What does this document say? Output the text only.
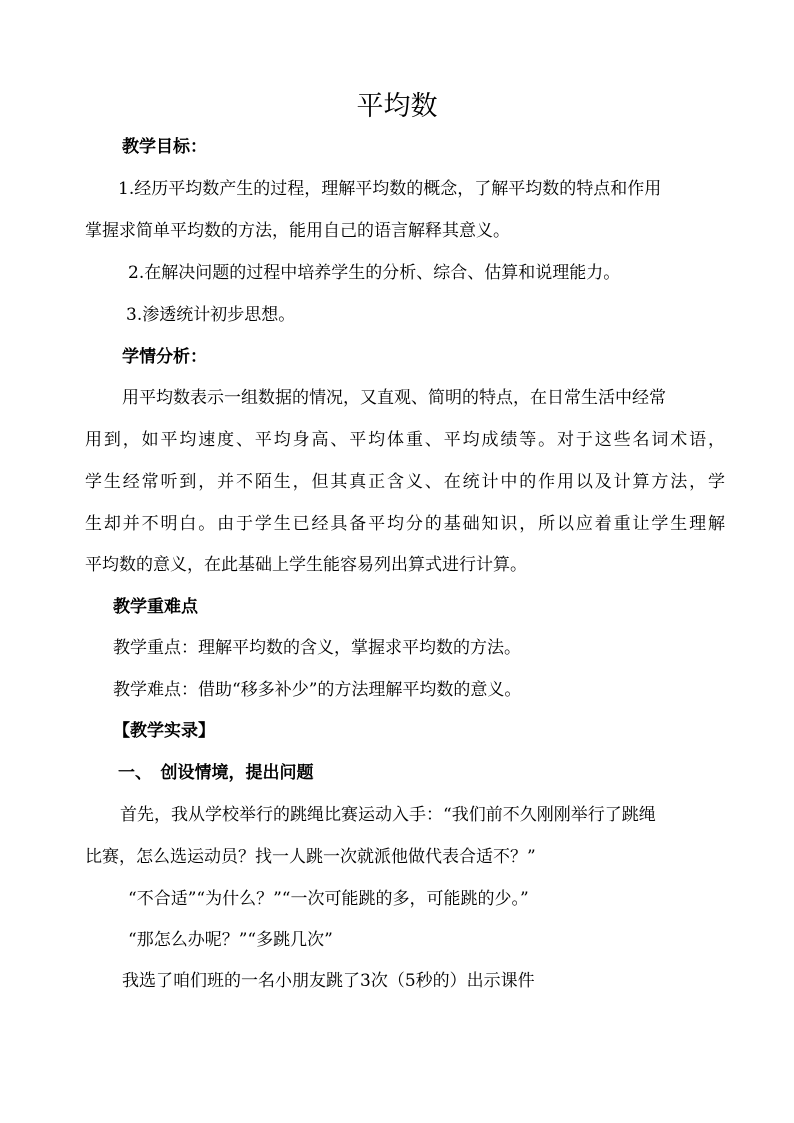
平均数
教学目标：
1.经历平均数产生的过程，理解平均数的概念，了解平均数的特点和作用
掌握求简单平均数的方法，能用自己的语言解释其意义。
2.在解决问题的过程中培养学生的分析、综合、估算和说理能力。
3.渗透统计初步思想。
学情分析：
用平均数表示一组数据的情况，又直观、简明的特点，在日常生活中经常
用到，如平均速度、平均身高、平均体重、平均成绩等。对于这些名词术语，
学生经常听到，并不陌生，但其真正含义、在统计中的作用以及计算方法，学
生却并不明白。由于学生已经具备平均分的基础知识，所以应着重让学生理解
平均数的意义，在此基础上学生能容易列出算式进行计算。
教学重难点
教学重点：理解平均数的含义，掌握求平均数的方法。
教学难点：借助“移多补少”的方法理解平均数的意义。
【教学实录】
一、　创设情境，提出问题
首先，我从学校举行的跳绳比赛运动入手：“我们前不久刚刚举行了跳绳
比赛，怎么选运动员？找一人跳一次就派他做代表合适不？”
“不合适”“为什么？”“一次可能跳的多，可能跳的少。”
“那怎么办呢？”“多跳几次”
我选了咱们班的一名小朋友跳了3次（5秒的）出示课件
